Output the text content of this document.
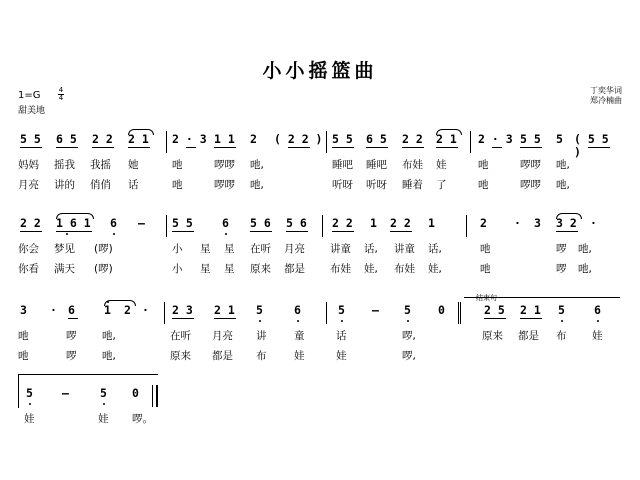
小小摇篮曲
1=G	4
4
甜美地
丁奕华词
郑冷楠曲
5 5 6 5 2 2 2 1 2 · 3 1 1 2 ( 2 2 ) 5 5 6 5 2 2 2 1 2 · 3 5 5 5 ( 5 5 )
妈妈 摇我 我摇 她	吔	啰啰 吔,	睡吧 睡吧 布娃 娃	吔	啰啰 吔,
月亮 讲的 俏俏 话	吔	啰啰 吔,	听呀 听呀 睡着 了	吔	啰啰 吔,
2 2 1 6 1 6 – 5 5	6 5 6 5 6 2 2 1 2 2 1	2 · 3 3 2 ·
你会 梦见 (啰)	小 星 星 在听 月亮 讲童 话, 讲童 话,	吔	啰 吔,
你看 满天 (啰)	小 星 星 原来 都是 布娃 娃, 布娃 娃,	吔	啰 吔,
结束句
3 · 6	1 2 · 2 3 2 1 5	6	5 – 5 0	2 5 2 1 5	6
吔	啰 吔,	在听 月亮 讲	童	话	啰,	原来 都是 布 娃
吔	啰 吔,	原来 都是 布	娃	娃	啰,
5	–	5 0
娃	娃 啰。
